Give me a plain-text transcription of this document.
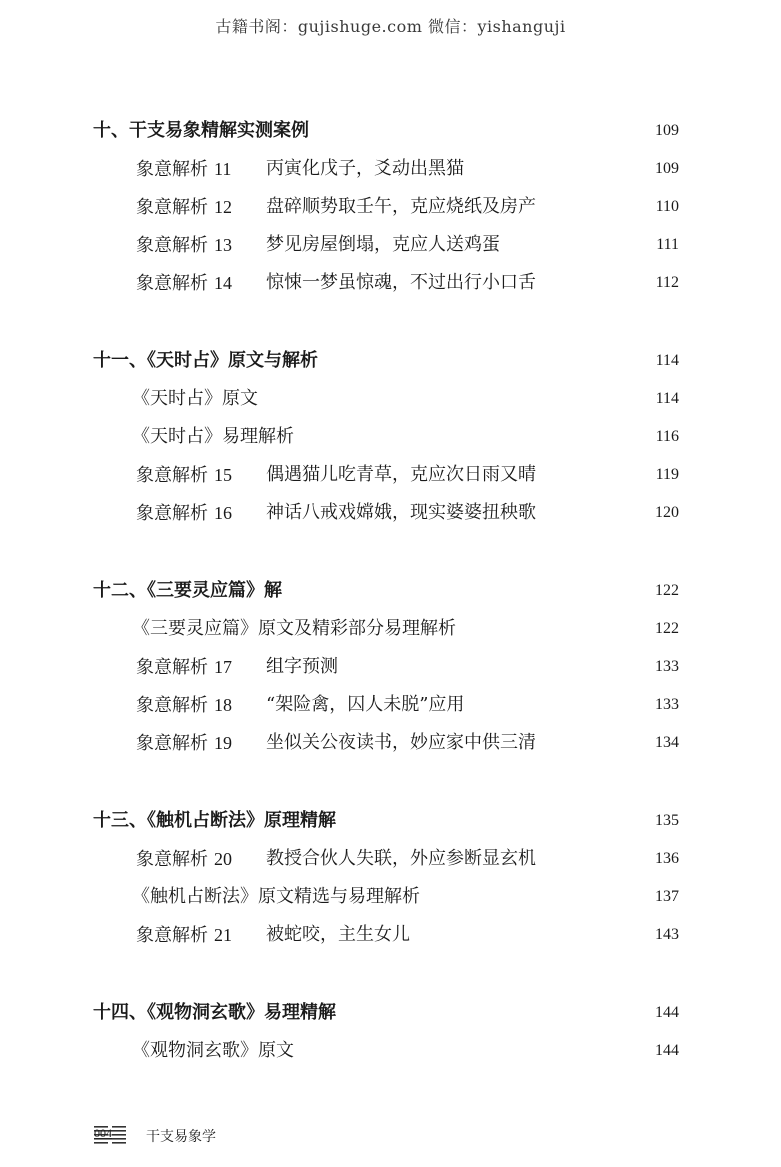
古籍书阁：gujishuge.com 微信：yishanguji
十、干支易象精解实测案例	109
象意解析 11 丙寅化戊子，爻动出黑猫	109
象意解析 12 盘碎顺势取壬午，克应烧纸及房产	110
象意解析 13 梦见房屋倒塌，克应人送鸡蛋	111
象意解析 14 惊悚一梦虽惊魂，不过出行小口舌	112
十一、《天时占》原文与解析	114
《天时占》原文	114
《天时占》易理解析	116
象意解析 15 偶遇猫儿吃青草，克应次日雨又晴	119
象意解析 16 神话八戒戏嫦娥，现实婆婆扭秧歌	120
十二、《三要灵应篇》解	122
《三要灵应篇》原文及精彩部分易理解析	122
象意解析 17 组字预测	133
象意解析 18 “架险禽，囚人未脱”应用	133
象意解析 19 坐似关公夜读书，妙应家中供三清	134
十三、《触机占断法》原理精解	135
象意解析 20 教授合伙人失联，外应参断显玄机	136
《触机占断法》原文精选与易理解析	137
象意解析 21 被蛇咬，主生女儿	143
十四、《观物洞玄歌》易理精解	144
《观物洞玄歌》原文	144
004 干支易象学
